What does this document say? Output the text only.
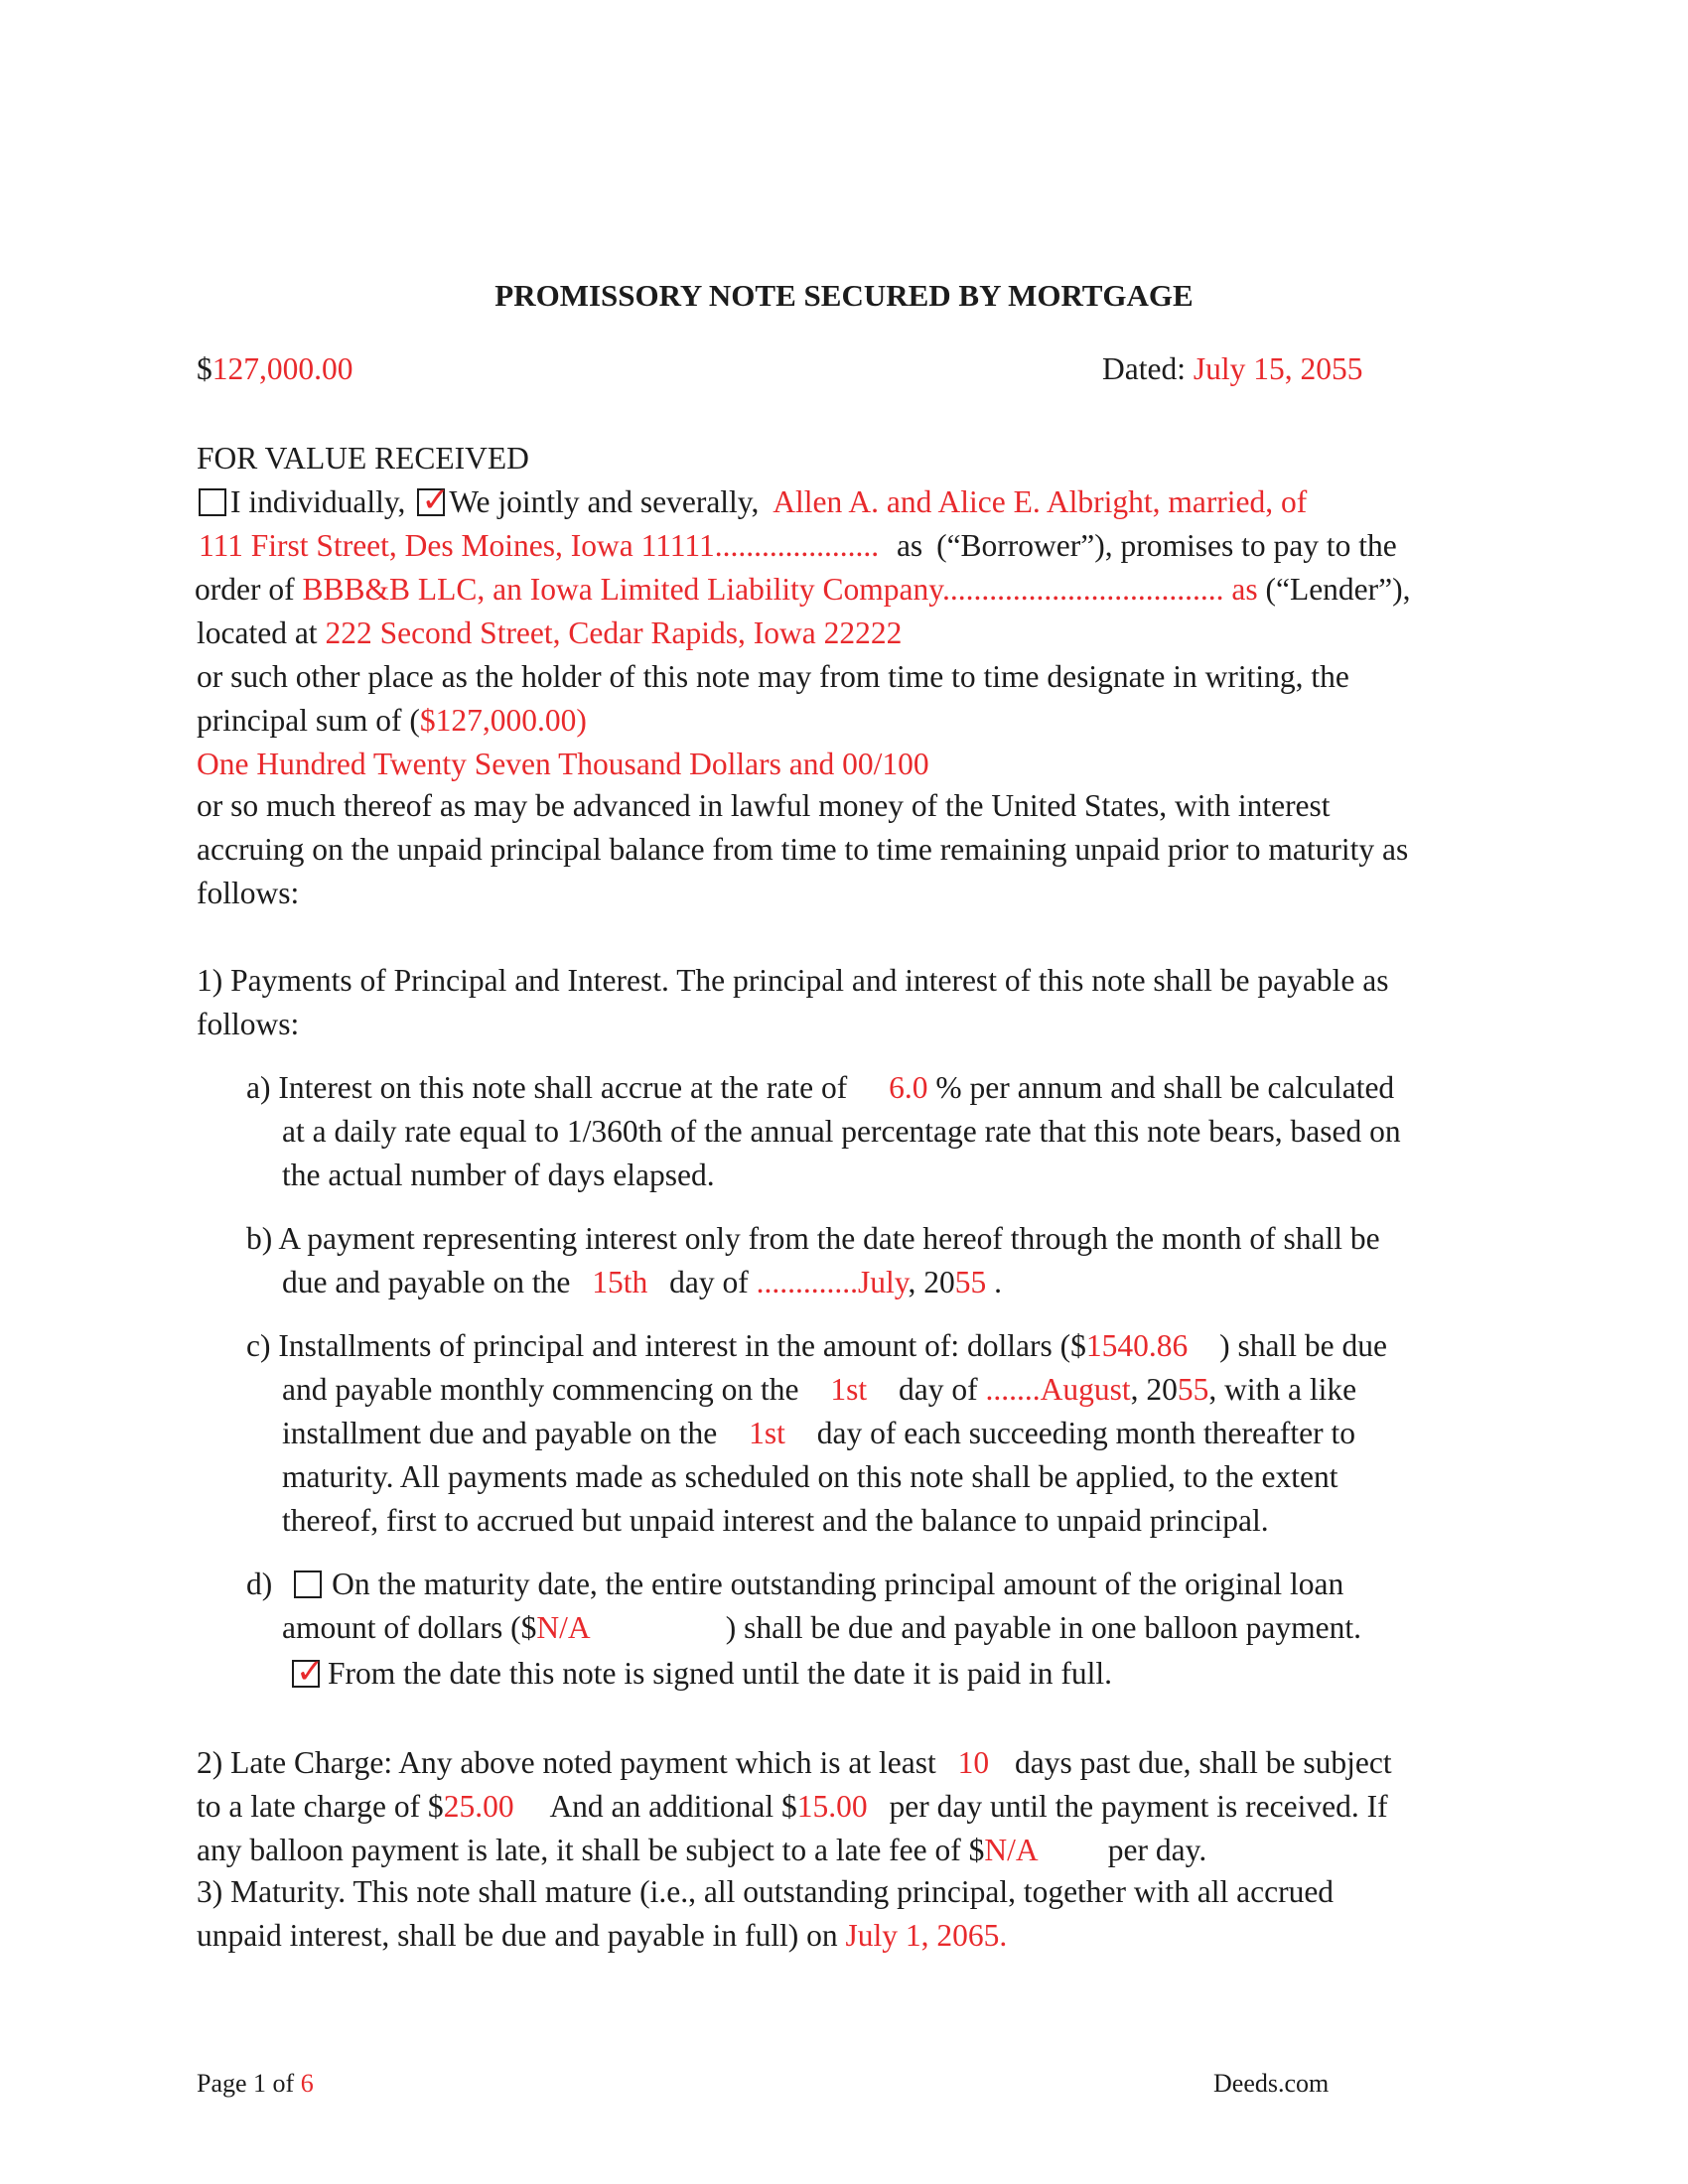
PROMISSORY NOTE SECURED BY MORTGAGE
$127,000.00	Dated: July 15, 2055
FOR VALUE RECEIVED
I individually, ✓ We jointly and severally, Allen A. and Alice E. Albright, married, of
111 First Street, Des Moines, Iowa 11111..................... as (“Borrower”), promises to pay to the
order of BBB&B LLC, an Iowa Limited Liability Company.................................... as (“Lender”),
located at 222 Second Street, Cedar Rapids, Iowa 22222
or such other place as the holder of this note may from time to time designate in writing, the
principal sum of ($127,000.00)
One Hundred Twenty Seven Thousand Dollars and 00/100
or so much thereof as may be advanced in lawful money of the United States, with interest
accruing on the unpaid principal balance from time to time remaining unpaid prior to maturity as
follows:
1) Payments of Principal and Interest. The principal and interest of this note shall be payable as
follows:
a) Interest on this note shall accrue at the rate of 6.0 % per annum and shall be calculated
at a daily rate equal to 1/360th of the annual percentage rate that this note bears, based on
the actual number of days elapsed.
b) A payment representing interest only from the date hereof through the month of shall be
due and payable on the 15th day of .............July, 2055 .
c) Installments of principal and interest in the amount of: dollars ($1540.86 ) shall be due
and payable monthly commencing on the 1st day of .......August, 2055, with a like
installment due and payable on the 1st day of each succeeding month thereafter to
maturity. All payments made as scheduled on this note shall be applied, to the extent
thereof, first to accrued but unpaid interest and the balance to unpaid principal.
d) On the maturity date, the entire outstanding principal amount of the original loan
amount of dollars ($N/A	) shall be due and payable in one balloon payment.
✓ From the date this note is signed until the date it is paid in full.
2) Late Charge: Any above noted payment which is at least 10 days past due, shall be subject
to a late charge of $25.00 And an additional $15.00 per day until the payment is received. If
any balloon payment is late, it shall be subject to a late fee of $N/A per day.
3) Maturity. This note shall mature (i.e., all outstanding principal, together with all accrued
unpaid interest, shall be due and payable in full) on July 1, 2065.
Page 1 of 6	Deeds.com
